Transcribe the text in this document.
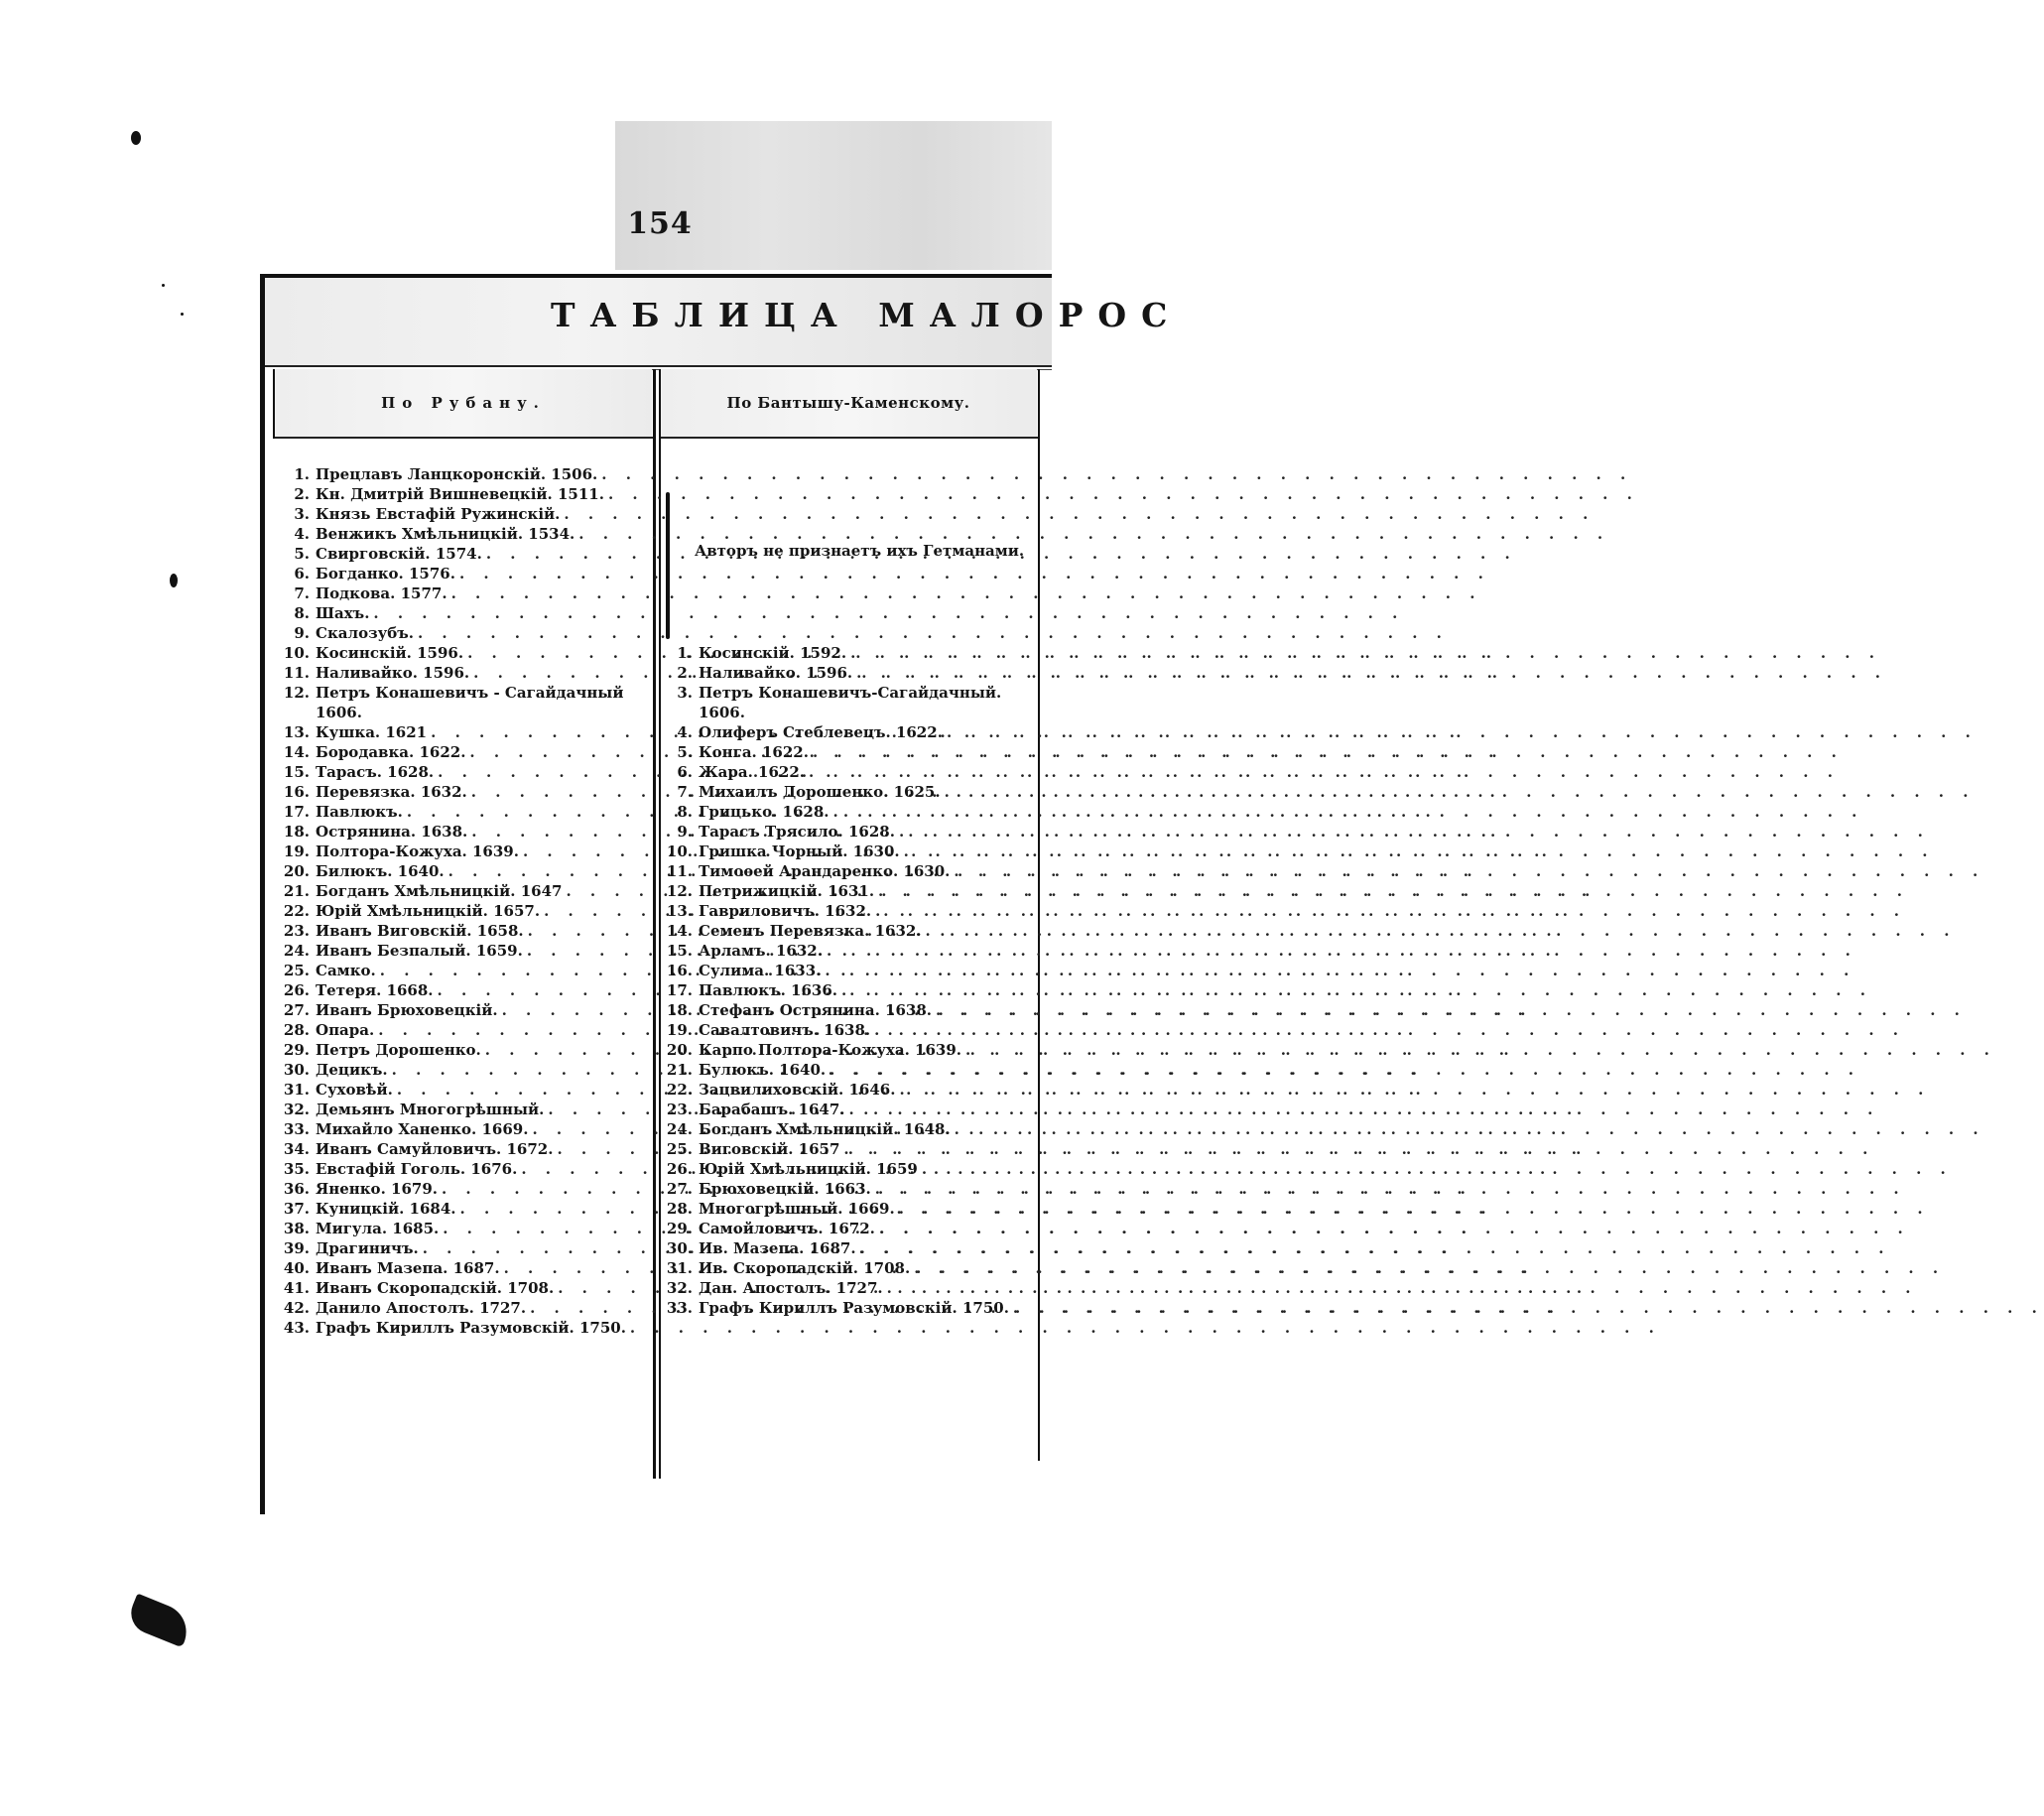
154
ТАБЛИЦА МАЛОРОС
По Рубану.	По Бантышу-Каменскому.
1. Прецлавъ Ланцкоронскій. 1506.
. . .
2. Кн. Дмитрій Вишневецкій. 1511.
. . .
3. Князь Евстафій Ружинскій.
. . .
4. Венжикъ Хмѣльницкій. 1534.
. . .
5. Свирговскій. 1574.
. . .
6. Богданко. 1576.
. . .
7. Подкова. 1577.
. . .
8. Шахъ.
. . .
9. Скалозубъ.
. . .
10. Косинскій. 1596.
. . .
11. Наливайко. 1596.
. . .
12. Петръ Конашевичъ - Сагайдачный
1606.
13. Кушка. 1621
. . .
14. Бородавка. 1622.
. . .
15. Тарасъ. 1628.
. . .
16. Перевязка. 1632.
. . .
17. Павлюкъ.
. . .
18. Острянина. 1638.
. . .
19. Полтора-Кожуха. 1639.
. . .
20. Билюкъ. 1640.
. . .
21. Богданъ Хмѣльницкій. 1647
. . .
22. Юрій Хмѣльницкій. 1657.
. . .
23. Иванъ Виговскій. 1658.
. . .
24. Иванъ Безпалый. 1659.
. . .
25. Самко.
. . .
26. Тетеря. 1668.
. . .
27. Иванъ Брюховецкій.
. . .
28. Опара.
. . .
29. Петръ Дорошенко.
. . .
30. Децикъ.
. . .
31. Суховѣй.
. . .
32. Демьянъ Многогрѣшный.
. . .
33. Михайло Ханенко. 1669.
. . .
34. Иванъ Самуйловичъ. 1672.
. . .
35. Евстафій Гоголь. 1676.
. . .
36. Яненко. 1679.
. . .
37. Куницкій. 1684.
. . .
38. Мигула. 1685.
. . .
39. Драгиничъ.
. . .
40. Иванъ Мазепа. 1687.
. . .
41. Иванъ Скоропадскій. 1708.
. . .
42. Данило Апостолъ. 1727.
. . .
43. Графъ Кириллъ Разумовскій. 1750.
. . .
Авторъ не признаетъ ихъ Гетманами.
1. Косинскій. 1592.
. . .
2. Наливайко. 1596.
. . .
3. Петръ Конашевичъ-Сагайдачный.
1606.
4. Олиферъ Стеблевецъ. 1622.
. . .
5. Конга. 1622.
. . .
6. Жара. 1622.
. . .
7. Михаилъ Дорошенко. 1625.
. . .
8. Грицько. 1628.
. . .
9. Тарасъ Трясило. 1628.
. . .
10. Гришка Чорный. 1630.
. . .
11. Тимоѳей Арандаренко. 1630.
. . .
12. Петрижицкій. 1631.
. . .
13. Гавриловичъ. 1632.
. . .
14. Семенъ Перевязка. 1632.
. . .
15. Арламъ. 1632.
. . .
16. Сулима. 1633.
. . .
17. Павлюкъ. 1636.
. . .
18. Стефанъ Острянина. 1638.
. . .
19. Савалтовичъ. 1638.
. . .
20. Карпо Полтора-Кожуха. 1639.
. . .
21. Булюкъ. 1640.
. . .
22. Зацвилиховскій. 1646.
. . .
23. Барабашъ. 1647.
. . .
24. Богданъ Хмѣльницкій. 1648.
. . .
25. Виговскій. 1657
. . .
26. Юрій Хмѣльницкій. 1659
. . .
27. Брюховецкій. 1663.
. . .
28. Многогрѣшный. 1669.
. . .
29. Самойловичъ. 1672.
. . .
30. Ив. Мазепа. 1687.
. . .
31. Ив. Скоропадскій. 1708.
. . .
32. Дан. Апостолъ. 1727.
. . .
33. Графъ Кириллъ Разумовскій. 1750.
. . .
